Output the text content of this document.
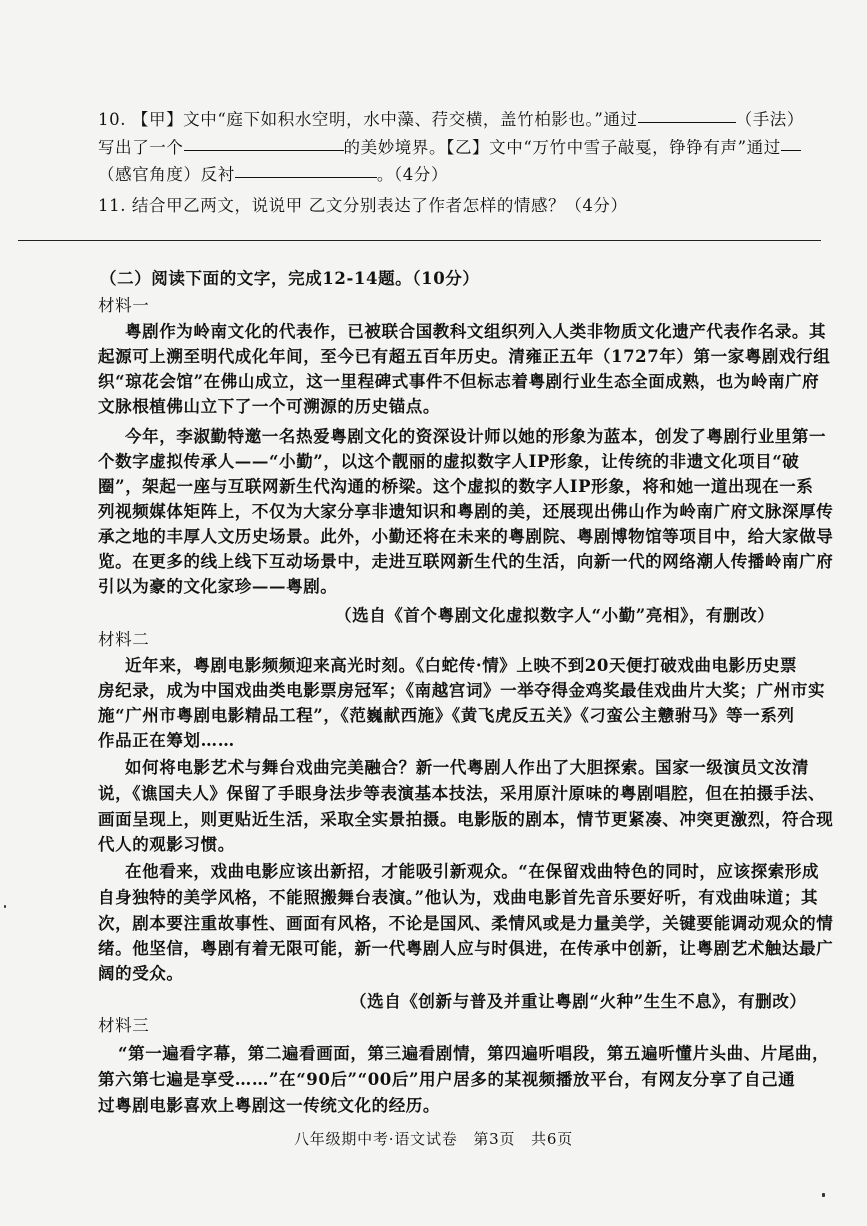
10. 【甲】文中“庭下如积水空明，水中藻、荇交横，盖竹柏影也。”通过	（手法）
写出了一个	的美妙境界。【乙】文中“万竹中雪子敲戛，铮铮有声”通过
（感官角度）反衬	。（4分）
11. 结合甲乙两文，说说甲 乙文分别表达了作者怎样的情感？（4分）
（二）阅读下面的文字，完成12-14题。（10分）
材料一
粤剧作为岭南文化的代表作，已被联合国教科文组织列入人类非物质文化遗产代表作名录。其
起源可上溯至明代成化年间，至今已有超五百年历史。清雍正五年（1727年）第一家粤剧戏行组
织“琼花会馆”在佛山成立，这一里程碑式事件不但标志着粤剧行业生态全面成熟，也为岭南广府
文脉根植佛山立下了一个可溯源的历史锚点。
今年，李淑勤特邀一名热爱粤剧文化的资深设计师以她的形象为蓝本，创发了粤剧行业里第一
个数字虚拟传承人——“小勤”，以这个靓丽的虚拟数字人IP形象，让传统的非遗文化项目“破
圈”，架起一座与互联网新生代沟通的桥梁。这个虚拟的数字人IP形象，将和她一道出现在一系
列视频媒体矩阵上，不仅为大家分享非遗知识和粤剧的美，还展现出佛山作为岭南广府文脉深厚传
承之地的丰厚人文历史场景。此外，小勤还将在未来的粤剧院、粤剧博物馆等项目中，给大家做导
览。在更多的线上线下互动场景中，走进互联网新生代的生活，向新一代的网络潮人传播岭南广府
引以为豪的文化家珍——粤剧。
（选自《首个粤剧文化虚拟数字人“小勤”亮相》，有删改）
材料二
近年来，粤剧电影频频迎来高光时刻。《白蛇传·情》上映不到20天便打破戏曲电影历史票
房纪录，成为中国戏曲类电影票房冠军；《南越宫词》一举夺得金鸡奖最佳戏曲片大奖；广州市实
施“广州市粤剧电影精品工程”，《范巍献西施》《黄飞虎反五关》《刁蛮公主戆驸马》等一系列
作品正在筹划……
如何将电影艺术与舞台戏曲完美融合？新一代粤剧人作出了大胆探索。国家一级演员文汝清
说，《谯国夫人》保留了手眼身法步等表演基本技法，采用原汁原味的粤剧唱腔，但在拍摄手法、
画面呈现上，则更贴近生活，采取全实景拍摄。电影版的剧本，情节更紧凑、冲突更激烈，符合现
代人的观影习惯。
在他看来，戏曲电影应该出新招，才能吸引新观众。“在保留戏曲特色的同时，应该探索形成
自身独特的美学风格，不能照搬舞台表演。”他认为，戏曲电影首先音乐要好听，有戏曲味道；其
次，剧本要注重故事性、画面有风格，不论是国风、柔情风或是力量美学，关键要能调动观众的情
绪。他坚信，粤剧有着无限可能，新一代粤剧人应与时俱进，在传承中创新，让粤剧艺术触达最广
阔的受众。
（选自《创新与普及并重让粤剧“火种”生生不息》，有删改）
材料三
“第一遍看字幕，第二遍看画面，第三遍看剧情，第四遍听唱段，第五遍听懂片头曲、片尾曲，
第六第七遍是享受……”在“90后”“00后”用户居多的某视频播放平台，有网友分享了自己通
过粤剧电影喜欢上粤剧这一传统文化的经历。
八年级期中考·语文试卷　第3页　共6页
